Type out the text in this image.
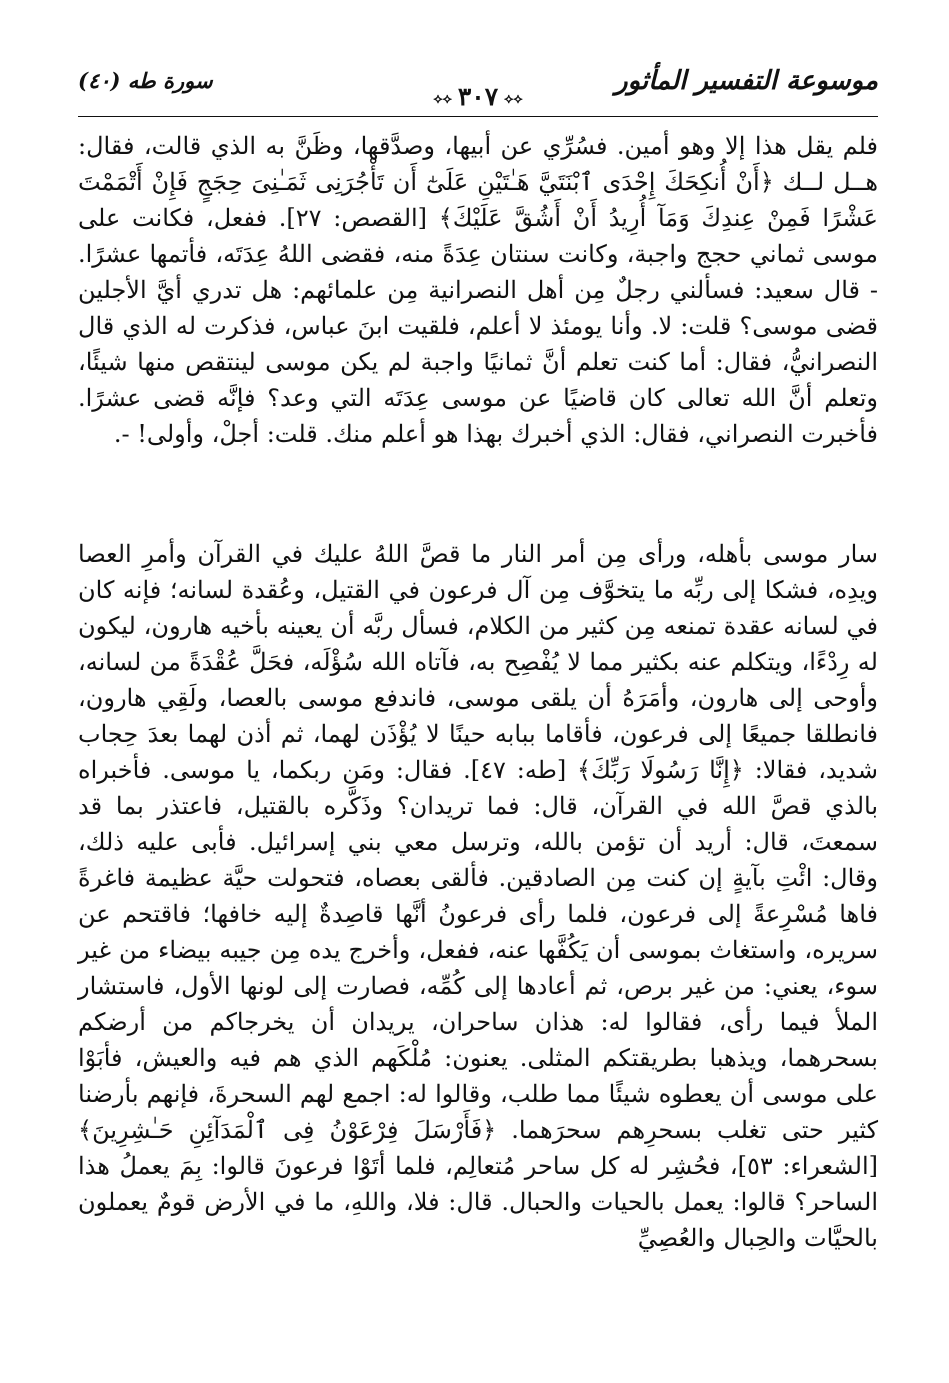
موسوعة التفسير المأثور
⟡⟡٣٠٧⟡⟡
سورة طه (٤٠)

فلم يقل هذا إلا وهو أمين. فسُرِّي عن أبيها، وصدَّقها، وظَنَّ به الذي قالت، فقال: هــل لــك ﴿أَنْ أُنكِحَكَ إِحْدَى ٱبْنَتَيَّ هَـٰتَيْنِ عَلَىٰٓ أَن تَأْجُرَنِى ثَمَـٰنِىَ حِجَجٍ فَإِنْ أَتْمَمْتَ عَشْرًا فَمِنْ عِندِكَ وَمَآ أُرِيدُ أَنْ أَشُقَّ عَلَيْكَ﴾ [القصص: ٢٧]. ففعل، فكانت على موسى ثماني حجج واجبة، وكانت سنتان عِدَةً منه، فقضى اللهُ عِدَتَه، فأتمها عشرًا. - قال سعيد: فسألني رجلٌ مِن أهل النصرانية مِن علمائهم: هل تدري أيَّ الأجلين قضى موسى؟ قلت: لا. وأنا يومئذ لا أعلم، فلقيت ابنَ عباس، فذكرت له الذي قال النصرانيُّ، فقال: أما كنت تعلم أنَّ ثمانيًا واجبة لم يكن موسى لينتقص منها شيئًا، وتعلم أنَّ الله تعالى كان قاضيًا عن موسى عِدَتَه التي وعد؟ فإنَّه قضى عشرًا. فأخبرت النصراني، فقال: الذي أخبرك بهذا هو أعلم منك. قلت: أجلْ، وأولى! -.

سار موسى بأهله، ورأى مِن أمر النار ما قصَّ اللهُ عليك في القرآن وأمرِ العصا ويدِه، فشكا إلى ربِّه ما يتخوَّف مِن آل فرعون في القتيل، وعُقدة لسانه؛ فإنه كان في لسانه عقدة تمنعه مِن كثير من الكلام، فسأل ربَّه أن يعينه بأخيه هارون، ليكون له رِدْءًا، ويتكلم عنه بكثير مما لا يُفْصِح به، فآتاه الله سُؤْلَه، فحَلَّ عُقْدَةً من لسانه، وأوحى إلى هارون، وأمَرَهُ أن يلقى موسى، فاندفع موسى بالعصا، ولَقِي هارون، فانطلقا جميعًا إلى فرعون، فأقاما ببابه حينًا لا يُؤْذَن لهما، ثم أذن لهما بعدَ حِجاب شديد، فقالا: ﴿إِنَّا رَسُولَا رَبِّكَ﴾ [طه: ٤٧]. فقال: ومَن ربكما، يا موسى. فأخبراه بالذي قصَّ الله في القرآن، قال: فما تريدان؟ وذَكَّره بالقتيل، فاعتذر بما قد سمعتَ، قال: أريد أن تؤمن بالله، وترسل معي بني إسرائيل. فأبى عليه ذلك، وقال: ائْتِ بآيةٍ إن كنت مِن الصادقين. فألقى بعصاه، فتحولت حيَّة عظيمة فاغرةً فاها مُسْرِعةً إلى فرعون، فلما رأى فرعونُ أنَّها قاصِدةٌ إليه خافها؛ فاقتحم عن سريره، واستغاث بموسى أن يَكُفَّها عنه، ففعل، وأخرج يده مِن جيبه بيضاء من غير سوء، يعني: من غير برص، ثم أعادها إلى كُمِّه، فصارت إلى لونها الأول، فاستشار الملأ فيما رأى، فقالوا له: هذان ساحران، يريدان أن يخرجاكم من أرضكم بسحرهما، ويذهبا بطريقتكم المثلى. يعنون: مُلْكَهم الذي هم فيه والعيش، فأبَوْا على موسى أن يعطوه شيئًا مما طلب، وقالوا له: اجمع لهم السحرةَ، فإنهم بأرضنا كثير حتى تغلب بسحرِهم سحرَهما. ﴿فَأَرْسَلَ فِرْعَوْنُ فِى ٱلْمَدَآئِنِ حَـٰشِرِينَ﴾ [الشعراء: ٥٣]، فحُشِر له كل ساحر مُتعالِم، فلما أتَوْا فرعونَ قالوا: بِمَ يعملُ هذا الساحر؟ قالوا: يعمل بالحيات والحبال. قال: فلا، واللهِ، ما في الأرض قومٌ يعملون بالحيَّات والحِبال والعُصِيِّ
